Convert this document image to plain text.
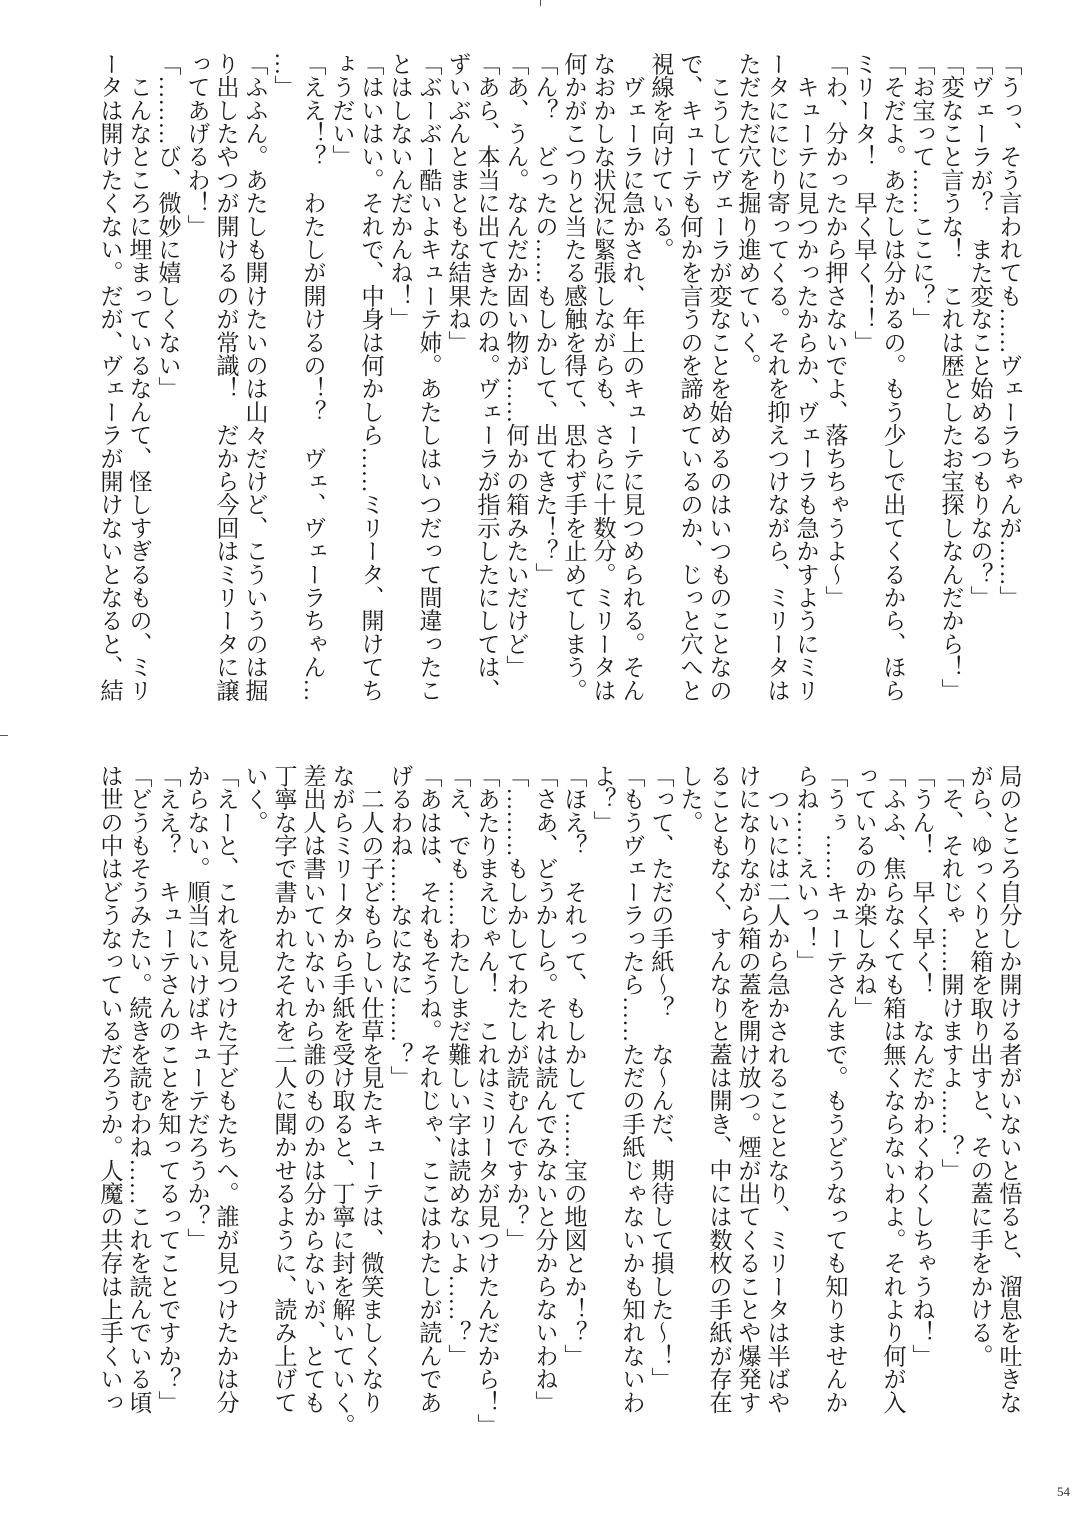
「うっ、そう言われても……ヴェーラちゃんが……」
「ヴェーラが？　また変なこと始めるつもりなの？」
「変なこと言うな！　これは歴としたお宝探しなんだから！」
「お宝って……ここに？」
「そだよ。あたしは分かるの。もう少しで出てくるから、ほら
ミリータ！　早く早く！！」
「わ、分かったから押さないでよ、落ちちゃうよ～」
　キューテに見つかったからか、ヴェーラも急かすようにミリ
ータににじり寄ってくる。それを抑えつけながら、ミリータは
ただただ穴を掘り進めていく。
　こうしてヴェーラが変なことを始めるのはいつものことなの
で、キューテも何かを言うのを諦めているのか、じっと穴へと
視線を向けている。
　ヴェーラに急かされ、年上のキューテに見つめられる。そん
なおかしな状況に緊張しながらも、さらに十数分。ミリータは
何かがこつりと当たる感触を得て、思わず手を止めてしまう。
「ん？　どったの……もしかして、出てきた！？」
「あ、うん。なんだか固い物が……何かの箱みたいだけど」
「あら、本当に出てきたのね。ヴェーラが指示したにしては、
ずいぶんとまともな結果ね」
「ぶーぶー酷いよキューテ姉。あたしはいつだって間違ったこ
とはしないんだかんね！」
「はいはい。それで、中身は何かしら……ミリータ、開けてち
ょうだい」
「ええ！？　わたしが開けるの！？　ヴェ、ヴェーラちゃん…
…」
「ふふん。あたしも開けたいのは山々だけど、こういうのは掘
り出したやつが開けるのが常識！　だから今回はミリータに譲
ってあげるわ！」
「………び、微妙に嬉しくない」
　こんなところに埋まっているなんて、怪しすぎるもの、ミリ
ータは開けたくない。だが、ヴェーラが開けないとなると、結
局のところ自分しか開ける者がいないと悟ると、溜息を吐きな
がら、ゆっくりと箱を取り出すと、その蓋に手をかける。
「そ、それじゃ……開けますよ……？」
「うん！　早く早く！　なんだかわくわくしちゃうね！」
「ふふ、焦らなくても箱は無くならないわよ。それより何が入
っているのか楽しみね」
「うぅ……キューテさんまで。もうどうなっても知りませんか
らね……えいっ！」
　ついには二人から急かされることとなり、ミリータは半ばや
けになりながら箱の蓋を開け放つ。煙が出てくることや爆発す
ることもなく、すんなりと蓋は開き、中には数枚の手紙が存在
した。
「って、ただの手紙～？　な～んだ、期待して損した～！」
「もうヴェーラったら……ただの手紙じゃないかも知れないわ
よ？」
「ほえ？　それって、もしかして……宝の地図とか！？」
「さあ、どうかしら。それは読んでみないと分からないわね」
「………もしかしてわたしが読むんですか？」
「あたりまえじゃん！　これはミリータが見つけたんだから！」
「え、でも……わたしまだ難しい字は読めないよ……？」
「あはは、それもそうね。それじゃ、ここはわたしが読んであ
げるわね……なになに……？」
　二人の子どもらしい仕草を見たキューテは、微笑ましくなり
ながらミリータから手紙を受け取ると、丁寧に封を解いていく。
差出人は書いていないから誰のものかは分からないが、とても
丁寧な字で書かれたそれを二人に聞かせるように、読み上げて
いく。
「えーと、これを見つけた子どもたちへ。誰が見つけたかは分
からない。順当にいけばキューテだろうか？」
「ええ？　キューテさんのことを知ってるってことですか？」
「どうもそうみたい。続きを読むわね……これを読んでいる頃
は世の中はどうなっているだろうか。人魔の共存は上手くいっ
54
